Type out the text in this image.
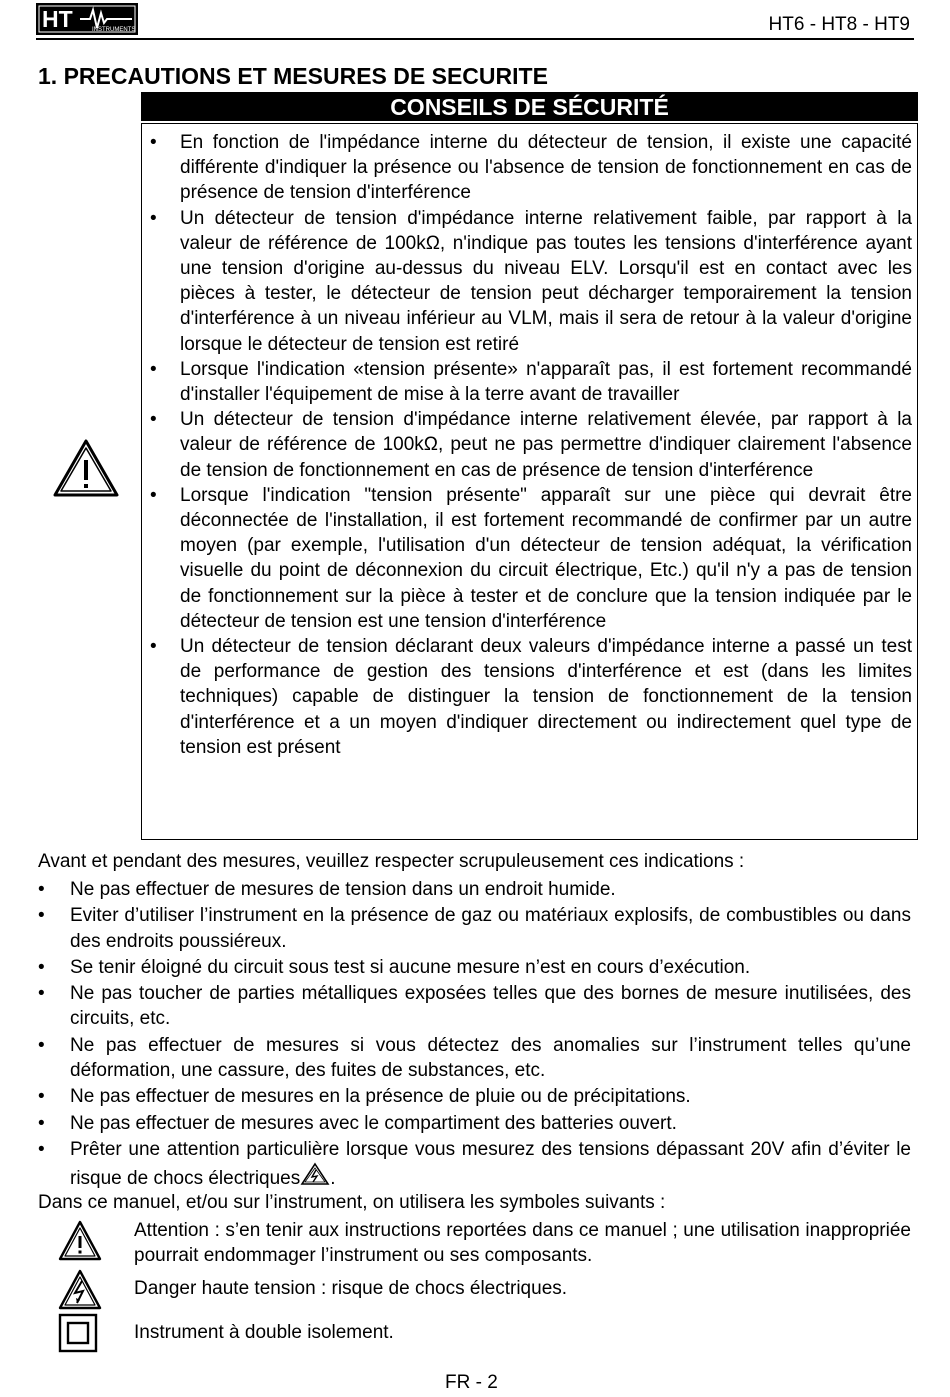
HT	INSTRUMENTS	HT6 - HT8 - HT9
1. PRECAUTIONS ET MESURES DE SECURITE
CONSEILS DE SÉCURITÉ
• En fonction de l'impédance interne du détecteur de tension, il existe une capacité différente d'indiquer la présence ou l'absence de tension de fonctionnement en cas de présence de tension d'interférence
• Un détecteur de tension d'impédance interne relativement faible, par rapport à la valeur de référence de 100kΩ, n'indique pas toutes les tensions d'interférence ayant une tension d'origine au-dessus du niveau ELV. Lorsqu'il est en contact avec les pièces à tester, le détecteur de tension peut décharger temporairement la tension d'interférence à un niveau inférieur au VLM, mais il sera de retour à la valeur d'origine lorsque le détecteur de tension est retiré
• Lorsque l'indication «tension présente» n'apparaît pas, il est fortement recommandé d'installer l'équipement de mise à la terre avant de travailler
• Un détecteur de tension d'impédance interne relativement élevée, par rapport à la valeur de référence de 100kΩ, peut ne pas permettre d'indiquer clairement l'absence de tension de fonctionnement en cas de présence de tension d'interférence
• Lorsque l'indication "tension présente" apparaît sur une pièce qui devrait être déconnectée de l'installation, il est fortement recommandé de confirmer par un autre moyen (par exemple, l'utilisation d'un détecteur de tension adéquat, la vérification visuelle du point de déconnexion du circuit électrique, Etc.) qu'il n'y a pas de tension de fonctionnement sur la pièce à tester et de conclure que la tension indiquée par le détecteur de tension est une tension d'interférence
• Un détecteur de tension déclarant deux valeurs d'impédance interne a passé un test de performance de gestion des tensions d'interférence et est (dans les limites techniques) capable de distinguer la tension de fonctionnement de la tension d'interférence et a un moyen d'indiquer directement ou indirectement quel type de tension est présent
Avant et pendant des mesures, veuillez respecter scrupuleusement ces indications :
• Ne pas effectuer de mesures de tension dans un endroit humide.
• Eviter d’utiliser l’instrument en la présence de gaz ou matériaux explosifs, de combustibles ou dans des endroits poussiéreux.
• Se tenir éloigné du circuit sous test si aucune mesure n’est en cours d’exécution.
• Ne pas toucher de parties métalliques exposées telles que des bornes de mesure inutilisées, des circuits, etc.
• Ne pas effectuer de mesures si vous détectez des anomalies sur l’instrument telles qu’une déformation, une cassure, des fuites de substances, etc.
• Ne pas effectuer de mesures en la présence de pluie ou de précipitations.
• Ne pas effectuer de mesures avec le compartiment des batteries ouvert.
• Prêter une attention particulière lorsque vous mesurez des tensions dépassant 20V afin d’éviter le risque de chocs électriques .
Dans ce manuel, et/ou sur l’instrument, on utilisera les symboles suivants :
Attention : s’en tenir aux instructions reportées dans ce manuel ; une utilisation inappropriée pourrait endommager l’instrument ou ses composants.
Danger haute tension : risque de chocs électriques.
Instrument à double isolement.
FR - 2
